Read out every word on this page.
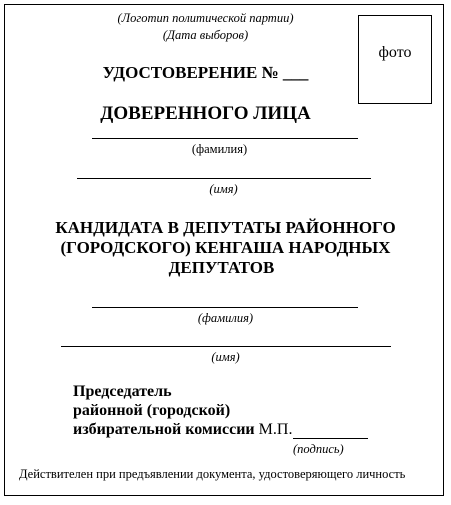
(Логотип политической партии)
(Дата выборов)
фото
УДОСТОВЕРЕНИЕ № ___
ДОВЕРЕННОГО ЛИЦА
(фамилия)
(имя)
КАНДИДАТА В ДЕПУТАТЫ РАЙОННОГО
(ГОРОДСКОГО) КЕНГАША НАРОДНЫХ
ДЕПУТАТОВ
(фамилия)
(имя)
Председатель
районной (городской)
избирательной комиссии М.П.
(подпись)
Действителен при предъявлении документа, удостоверяющего личность
